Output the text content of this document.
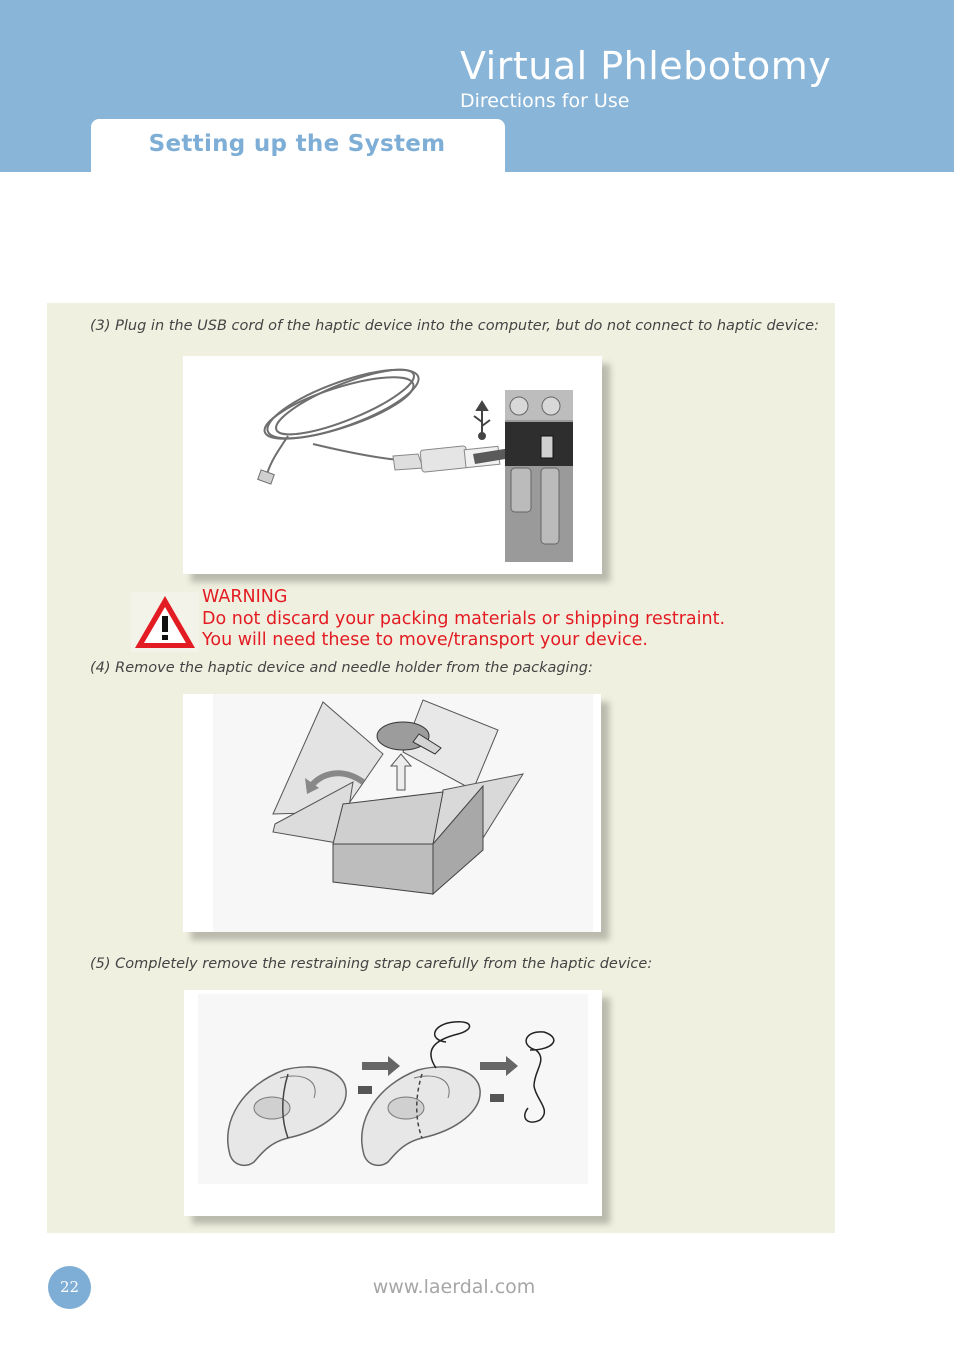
Virtual Phlebotomy
Directions for Use
Setting up the System

(3) Plug in the USB cord of the haptic device into the computer, but do not connect to haptic device:

WARNING
Do not discard your packing materials or shipping restraint.
You will need these to move/transport your device.

(4) Remove the haptic device and needle holder from the packaging:

(5) Completely remove the restraining strap carefully from the haptic device:

22	www.laerdal.com
